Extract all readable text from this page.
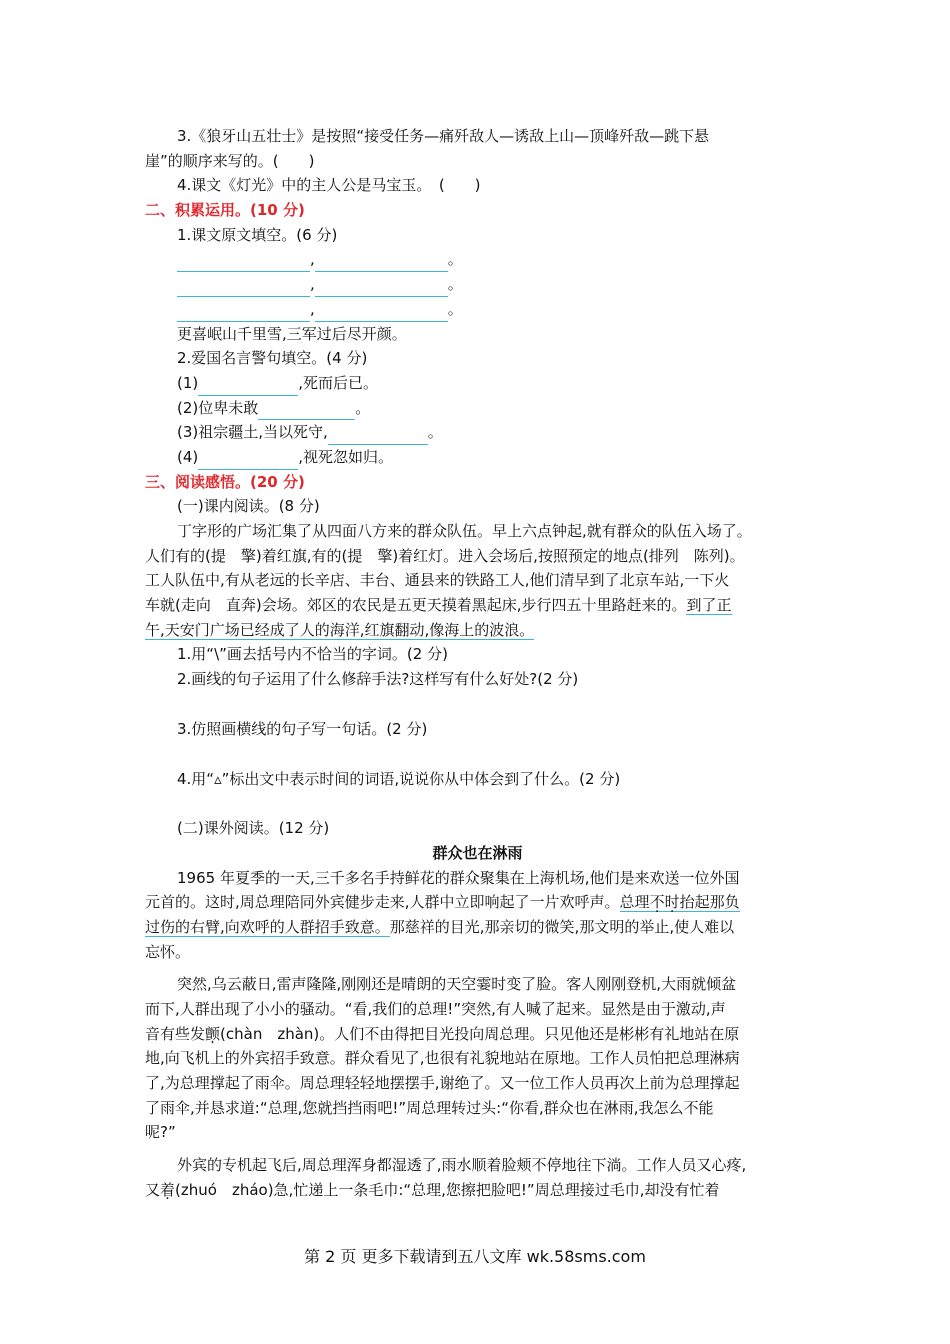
3.《狼牙山五壮士》是按照“接受任务—痛歼敌人—诱敌上山—顶峰歼敌—跳下悬
崖”的顺序来写的。(　　)
4.课文《灯光》中的主人公是马宝玉。　(　　)
二、积累运用。(10 分)
1.课文原文填空。(6 分)
,	。
,	。
,	。
更喜岷山千里雪,三军过后尽开颜。
2.爱国名言警句填空。(4 分)
(1)	,死而后已。
(2)位卑未敢	。
(3)祖宗疆土,当以死守,	。
(4)	,视死忽如归。
三、阅读感悟。(20 分)
(一)课内阅读。(8 分)
丁字形的广场汇集了从四面八方来的群众队伍。早上六点钟起,就有群众的队伍入场了。
人们有的(提　擎)着红旗,有的(提　擎)着红灯。进入会场后,按照预定的地点(排列　陈列)。
工人队伍中,有从老远的长辛店、丰台、通县来的铁路工人,他们清早到了北京车站,一下火
车就(走向　直奔)会场。郊区的农民是五更天摸着黑起床,步行四五十里路赶来的。到了正
午,天安门广场已经成了人的海洋,红旗翻动,像海上的波浪。
1.用“\”画去括号内不恰当的字词。(2 分)
2.画线的句子运用了什么修辞手法?这样写有什么好处?(2 分)
3.仿照画横线的句子写一句话。(2 分)
4.用“▵”标出文中表示时间的词语,说说你从中体会到了什么。(2 分)
(二)课外阅读。(12 分)
群众也在淋雨
1965 年夏季的一天,三千多名手持鲜花的群众聚集在上海机场,他们是来欢送一位外国
元首的。这时,周总理陪同外宾健步走来,人群中立即响起了一片欢呼声。总理不时抬起那负
过伤的右臂,向欢呼的人群招手致意。那慈祥的目光,那亲切的微笑,那文明的举止,使人难以
忘怀。
突然,乌云蔽日,雷声隆隆,刚刚还是晴朗的天空霎时变了脸。客人刚刚登机,大雨就倾盆
而下,人群出现了小小的骚动。“看,我们的总理!”突然,有人喊了起来。显然是由于激动,声
音有些发颤(chàn　zhàn)。人们不由得把目光投向周总理。只见他还是彬彬有礼地站在原
地,向飞机上的外宾招手致意。群众看见了,也很有礼貌地站在原地。工作人员怕把总理淋病
了,为总理撑起了雨伞。周总理轻轻地摆摆手,谢绝了。又一位工作人员再次上前为总理撑起
了雨伞,并恳求道:“总理,您就挡挡雨吧!”周总理转过头:“你看,群众也在淋雨,我怎么不能
呢?”
外宾的专机起飞后,周总理浑身都湿透了,雨水顺着脸颊不停地往下淌。工作人员又心疼,
又着(zhuó　zháo)急,忙递上一条毛巾:“总理,您擦把脸吧!”周总理接过毛巾,却没有忙着
第 2 页 更多下载请到五八文库 wk.58sms.com
